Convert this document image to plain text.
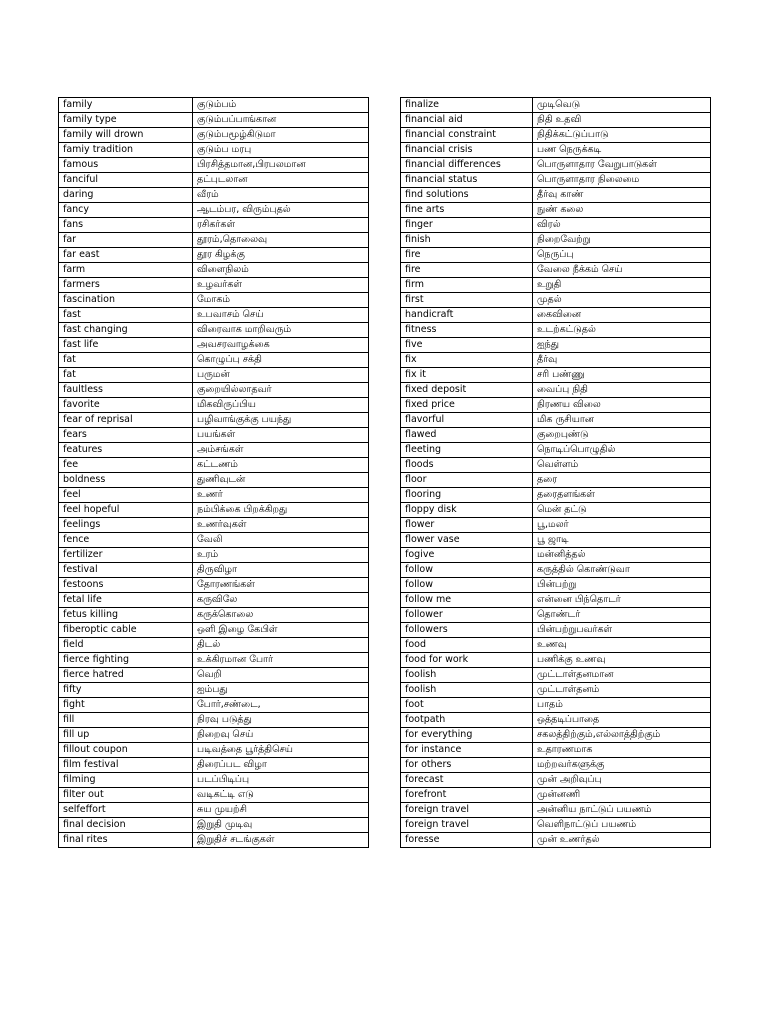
family	குடும்பம்
family type	குடும்பப்பாங்கான
family will drown	குடும்பமூழ்கிடுமா
famiy tradition	குடும்ப மரபு
famous	பிரசித்தமான,பிரபலமான
fanciful	தட்புடலான
daring	வீரம்
fancy	ஆடம்பர, விரும்புதல்
fans	ரசிகர்கள்
far	தூரம்,தொலைவு
far east	தூர கிழக்கு
farm	விளைநிலம்
farmers	உழவர்கள்
fascination	மோகம்
fast	உபவாசம் செய்
fast changing	விரைவாக மாறிவரும்
fast life	அவசரவாழக்கை
fat	கொழுப்பு சக்தி
fat	பருமன்
faultless	குறையில்லாதவர்
favorite	மிகவிருப்பிய
fear of reprisal	பழிவாங்குக்கு பயந்து
fears	பயங்கள்
features	அம்சங்கள்
fee	கட்டணம்
boldness	துணிவுடன்
feel	உணர்
feel hopeful	நம்பிக்கை பிறக்கிறது
feelings	உணர்வுகள்
fence	வேலி
fertilizer	உரம்
festival	திருவிழா
festoons	தோரணங்கள்
fetal life	கருவிலே
fetus killing	கருக்கொலை
fiberoptic cable	ஒளி இழை கேபிள்
field	திடல்
fierce fighting	உக்கிரமான போர்
fierce hatred	வெறி
fifty	ஐம்பது
fight	போர்,சண்டை,
fill	நிரவு படுத்து
fill up	நிறைவு செய்
fillout coupon	படிவத்தை பூர்த்திசெய்
film festival	திரைப்பட விழா
filming	படப்பிடிப்பு
filter out	வடிகட்டி எடு
selfeffort	சுய முயற்சி
final decision	இறுதி முடிவு
final rites	இறுதிச் சடங்குகள்
finalize	முடிவெடு
financial aid	நிதி உதவி
financial constraint	நிதிக்கட்டுப்பாடு
financial crisis	பண நெருக்கடி
financial differences	பொருளாதார வேறுபாடுகள்
financial status	பொருளாதார நிலைமை
find solutions	தீர்வு காண்
fine arts	நுண் கலை
finger	விரல்
finish	நிறைவேற்று
fire	நெருப்பு
fire	வேலை நீக்கம் செய்
firm	உறுதி
first	முதல்
handicraft	கைவினை
fitness	உடற்கட்டுதல்
five	ஐந்து
fix	தீர்வு
fix it	சரி பண்ணு
fixed deposit	வைப்பு நிதி
fixed price	நிரணய விலை
flavorful	மிக ருசியான
flawed	குறைபுண்டு
fleeting	நொடிப்பொழுதில்
floods	வெள்ளம்
floor	தரை
flooring	தரைதளங்கள்
floppy disk	மென் தட்டு
flower	பூ,மலர்
flower vase	பூ ஜாடி
fogive	மன்னித்தல்
follow	கருத்தில் கொண்டுவா
follow	பின்பற்று
follow me	என்னை பிந்தொடர்
follower	தொண்டர்
followers	பின்பற்றுபவர்கள்
food	உணவு
food for work	பணிக்கு உணவு
foolish	முட்டாள்தனமான
foolish	முட்டாள்தனம்
foot	பாதம்
footpath	ஒத்தடிப்பாதை
for everything	சகலத்திற்கும்,எல்லாத்திற்கும்
for instance	உதாரணமாக
for others	மற்றவர்களுக்கு
forecast	முன் அறிவுப்பு
forefront	முன்னணி
foreign travel	அன்னிய நாட்டுப் பயணம்
foreign travel	வெளிநாட்டுப் பயணம்
foresse	முன் உணர்தல்
